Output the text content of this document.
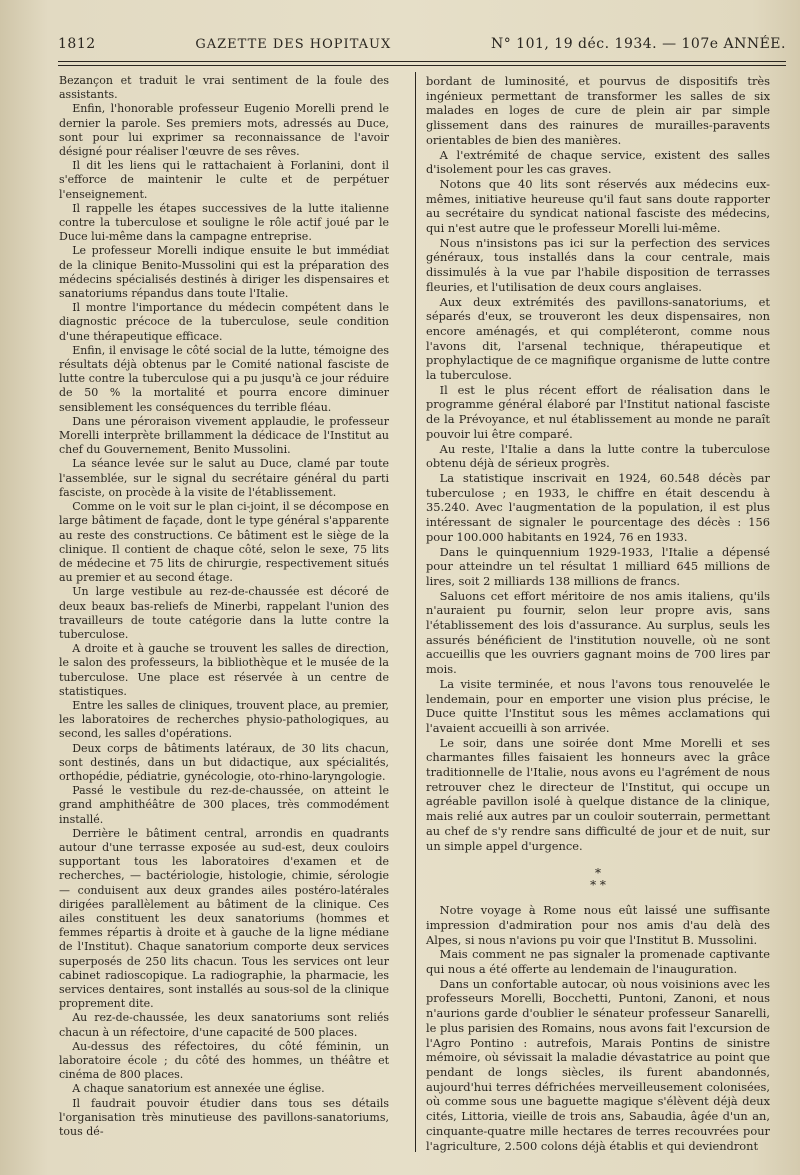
1812	GAZETTE DES HOPITAUX	N° 101, 19 déc. 1934. — 107e ANNÉE.

Bezançon et traduit le vrai sentiment de la foule des assistants.

Enfin, l'honorable professeur Eugenio Morelli prend le dernier la parole. Ses premiers mots, adressés au Duce, sont pour lui exprimer sa reconnaissance de l'avoir désigné pour réaliser l'œuvre de ses rêves.

Il dit les liens qui le rattachaient à Forlanini, dont il s'efforce de maintenir le culte et de perpétuer l'enseignement.

Il rappelle les étapes successives de la lutte italienne contre la tuberculose et souligne le rôle actif joué par le Duce lui-même dans la campagne entreprise.

Le professeur Morelli indique ensuite le but immédiat de la clinique Benito-Mussolini qui est la préparation des médecins spécialisés destinés à diriger les dispensaires et sanatoriums répandus dans toute l'Italie.

Il montre l'importance du médecin compétent dans le diagnostic précoce de la tuberculose, seule condition d'une thérapeutique efficace.

Enfin, il envisage le côté social de la lutte, témoigne des résultats déjà obtenus par le Comité national fasciste de lutte contre la tuberculose qui a pu jusqu'à ce jour réduire de 50 % la mortalité et pourra encore diminuer sensiblement les conséquences du terrible fléau.

Dans une péroraison vivement applaudie, le professeur Morelli interprète brillamment la dédicace de l'Institut au chef du Gouvernement, Benito Mussolini.

La séance levée sur le salut au Duce, clamé par toute l'assemblée, sur le signal du secrétaire général du parti fasciste, on procède à la visite de l'établissement.

Comme on le voit sur le plan ci-joint, il se décompose en large bâtiment de façade, dont le type général s'apparente au reste des constructions. Ce bâtiment est le siège de la clinique. Il contient de chaque côté, selon le sexe, 75 lits de médecine et 75 lits de chirurgie, respectivement situés au premier et au second étage.

Un large vestibule au rez-de-chaussée est décoré de deux beaux bas-reliefs de Minerbi, rappelant l'union des travailleurs de toute catégorie dans la lutte contre la tuberculose.

A droite et à gauche se trouvent les salles de direction, le salon des professeurs, la bibliothèque et le musée de la tuberculose. Une place est réservée à un centre de statistiques.

Entre les salles de cliniques, trouvent place, au premier, les laboratoires de recherches physio-pathologiques, au second, les salles d'opérations.

Deux corps de bâtiments latéraux, de 30 lits chacun, sont destinés, dans un but didactique, aux spécialités, orthopédie, pédiatrie, gynécologie, oto-rhino-laryngologie.

Passé le vestibule du rez-de-chaussée, on atteint le grand amphithéâtre de 300 places, très commodément installé.

Derrière le bâtiment central, arrondis en quadrants autour d'une terrasse exposée au sud-est, deux couloirs supportant tous les laboratoires d'examen et de recherches, — bactériologie, histologie, chimie, sérologie — conduisent aux deux grandes ailes postéro-latérales dirigées parallèlement au bâtiment de la clinique. Ces ailes constituent les deux sanatoriums (hommes et femmes répartis à droite et à gauche de la ligne médiane de l'Institut). Chaque sanatorium comporte deux services superposés de 250 lits chacun. Tous les services ont leur cabinet radioscopique. La radiographie, la pharmacie, les services dentaires, sont installés au sous-sol de la clinique proprement dite.

Au rez-de-chaussée, les deux sanatoriums sont reliés chacun à un réfectoire, d'une capacité de 500 places.

Au-dessus des réfectoires, du côté féminin, un laboratoire école ; du côté des hommes, un théâtre et cinéma de 800 places.

A chaque sanatorium est annexée une église.

Il faudrait pouvoir étudier dans tous ses détails l'organisation très minutieuse des pavillons-sanatoriums, tous dé-

bordant de luminosité, et pourvus de dispositifs très ingénieux permettant de transformer les salles de six malades en loges de cure de plein air par simple glissement dans des rainures de murailles-paravents orientables de bien des manières.

A l'extrémité de chaque service, existent des salles d'isolement pour les cas graves.

Notons que 40 lits sont réservés aux médecins eux-mêmes, initiative heureuse qu'il faut sans doute rapporter au secrétaire du syndicat national fasciste des médecins, qui n'est autre que le professeur Morelli lui-même.

Nous n'insistons pas ici sur la perfection des services généraux, tous installés dans la cour centrale, mais dissimulés à la vue par l'habile disposition de terrasses fleuries, et l'utilisation de deux cours anglaises.

Aux deux extrémités des pavillons-sanatoriums, et séparés d'eux, se trouveront les deux dispensaires, non encore aménagés, et qui compléteront, comme nous l'avons dit, l'arsenal technique, thérapeutique et prophylactique de ce magnifique organisme de lutte contre la tuberculose.

Il est le plus récent effort de réalisation dans le programme général élaboré par l'Institut national fasciste de la Prévoyance, et nul établissement au monde ne paraît pouvoir lui être comparé.

Au reste, l'Italie a dans la lutte contre la tuberculose obtenu déjà de sérieux progrès.

La statistique inscrivait en 1924, 60.548 décès par tuberculose ; en 1933, le chiffre en était descendu à 35.240. Avec l'augmentation de la population, il est plus intéressant de signaler le pourcentage des décès : 156 pour 100.000 habitants en 1924, 76 en 1933.

Dans le quinquennium 1929-1933, l'Italie a dépensé pour atteindre un tel résultat 1 milliard 645 millions de lires, soit 2 milliards 138 millions de francs.

Saluons cet effort méritoire de nos amis italiens, qu'ils n'auraient pu fournir, selon leur propre avis, sans l'établissement des lois d'assurance. Au surplus, seuls les assurés bénéficient de l'institution nouvelle, où ne sont accueillis que les ouvriers gagnant moins de 700 lires par mois.

La visite terminée, et nous l'avons tous renouvelée le lendemain, pour en emporter une vision plus précise, le Duce quitte l'Institut sous les mêmes acclamations qui l'avaient accueilli à son arrivée.

Le soir, dans une soirée dont Mme Morelli et ses charmantes filles faisaient les honneurs avec la grâce traditionnelle de l'Italie, nous avons eu l'agrément de nous retrouver chez le directeur de l'Institut, qui occupe un agréable pavillon isolé à quelque distance de la clinique, mais relié aux autres par un couloir souterrain, permettant au chef de s'y rendre sans difficulté de jour et de nuit, sur un simple appel d'urgence.

*
* *

Notre voyage à Rome nous eût laissé une suffisante impression d'admiration pour nos amis d'au delà des Alpes, si nous n'avions pu voir que l'Institut B. Mussolini.

Mais comment ne pas signaler la promenade captivante qui nous a été offerte au lendemain de l'inauguration.

Dans un confortable autocar, où nous voisinions avec les professeurs Morelli, Bocchetti, Puntoni, Zanoni, et nous n'aurions garde d'oublier le sénateur professeur Sanarelli, le plus parisien des Romains, nous avons fait l'excursion de l'Agro Pontino : autrefois, Marais Pontins de sinistre mémoire, où sévissait la maladie dévastatrice au point que pendant de longs siècles, ils furent abandonnés, aujourd'hui terres défrichées merveilleusement colonisées, où comme sous une baguette magique s'élèvent déjà deux cités, Littoria, vieille de trois ans, Sabaudia, âgée d'un an, cinquante-quatre mille hectares de terres recouvrées pour l'agriculture, 2.500 colons déjà établis et qui deviendront
